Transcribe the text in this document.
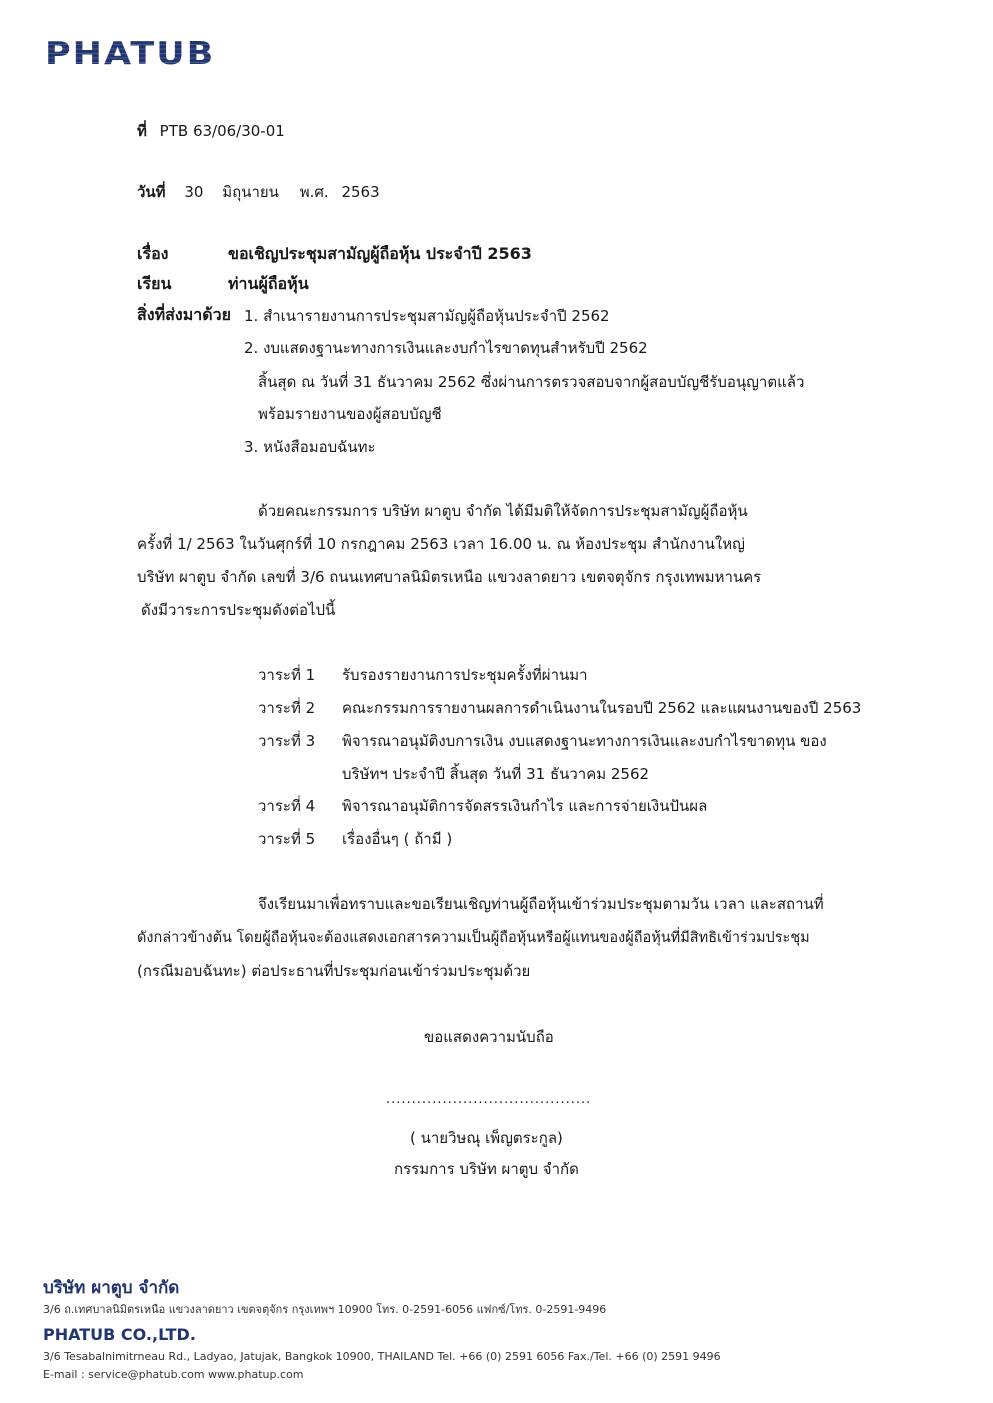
PHATUB
ที่ PTB 63/06/30-01
วันที่ 30 มิถุนายน พ.ศ. 2563
เรื่อง	ขอเชิญประชุมสามัญผู้ถือหุ้น ประจำปี 2563
เรียน	ท่านผู้ถือหุ้น
สิ่งที่ส่งมาด้วย 1. สำเนารายงานการประชุมสามัญผู้ถือหุ้นประจำปี 2562
2. งบแสดงฐานะทางการเงินและงบกำไรขาดทุนสำหรับปี 2562
สิ้นสุด ณ วันที่ 31 ธันวาคม 2562 ซึ่งผ่านการตรวจสอบจากผู้สอบบัญชีรับอนุญาตแล้ว
พร้อมรายงานของผู้สอบบัญชี
3. หนังสือมอบฉันทะ
ด้วยคณะกรรมการ บริษัท ผาตูบ จำกัด ได้มีมติให้จัดการประชุมสามัญผู้ถือหุ้น
ครั้งที่ 1/ 2563 ในวันศุกร์ที่ 10 กรกฎาคม 2563 เวลา 16.00 น. ณ ห้องประชุม สำนักงานใหญ่
บริษัท ผาตูบ จำกัด เลขที่ 3/6 ถนนเทศบาลนิมิตรเหนือ แขวงลาดยาว เขตจตุจักร กรุงเทพมหานคร
ดังมีวาระการประชุมดังต่อไปนี้
วาระที่ 1 รับรองรายงานการประชุมครั้งที่ผ่านมา
วาระที่ 2 คณะกรรมการรายงานผลการดำเนินงานในรอบปี 2562 และแผนงานของปี 2563
วาระที่ 3 พิจารณาอนุมัติงบการเงิน งบแสดงฐานะทางการเงินและงบกำไรขาดทุน ของ
บริษัทฯ ประจำปี สิ้นสุด วันที่ 31 ธันวาคม 2562
วาระที่ 4 พิจารณาอนุมัติการจัดสรรเงินกำไร และการจ่ายเงินปันผล
วาระที่ 5 เรื่องอื่นๆ ( ถ้ามี )
จึงเรียนมาเพื่อทราบและขอเรียนเชิญท่านผู้ถือหุ้นเข้าร่วมประชุมตามวัน เวลา และสถานที่
ดังกล่าวข้างต้น โดยผู้ถือหุ้นจะต้องแสดงเอกสารความเป็นผู้ถือหุ้นหรือผู้แทนของผู้ถือหุ้นที่มีสิทธิเข้าร่วมประชุม
(กรณีมอบฉันทะ) ต่อประธานที่ประชุมก่อนเข้าร่วมประชุมด้วย
ขอแสดงความนับถือ
........................................
( นายวิษณุ เพ็ญตระกูล)
กรรมการ บริษัท ผาตูบ จำกัด
บริษัท ผาตูบ จำกัด
3/6 ถ.เทศบาลนิมิตรเหนือ แขวงลาดยาว เขตจตุจักร กรุงเทพฯ 10900 โทร. 0-2591-6056 แฟกซ์/โทร. 0-2591-9496
PHATUB CO.,LTD.
3/6 Tesabalnimitrneau Rd., Ladyao, Jatujak, Bangkok 10900, THAILAND Tel. +66 (0) 2591 6056 Fax./Tel. +66 (0) 2591 9496
E-mail : service@phatub.com www.phatup.com
